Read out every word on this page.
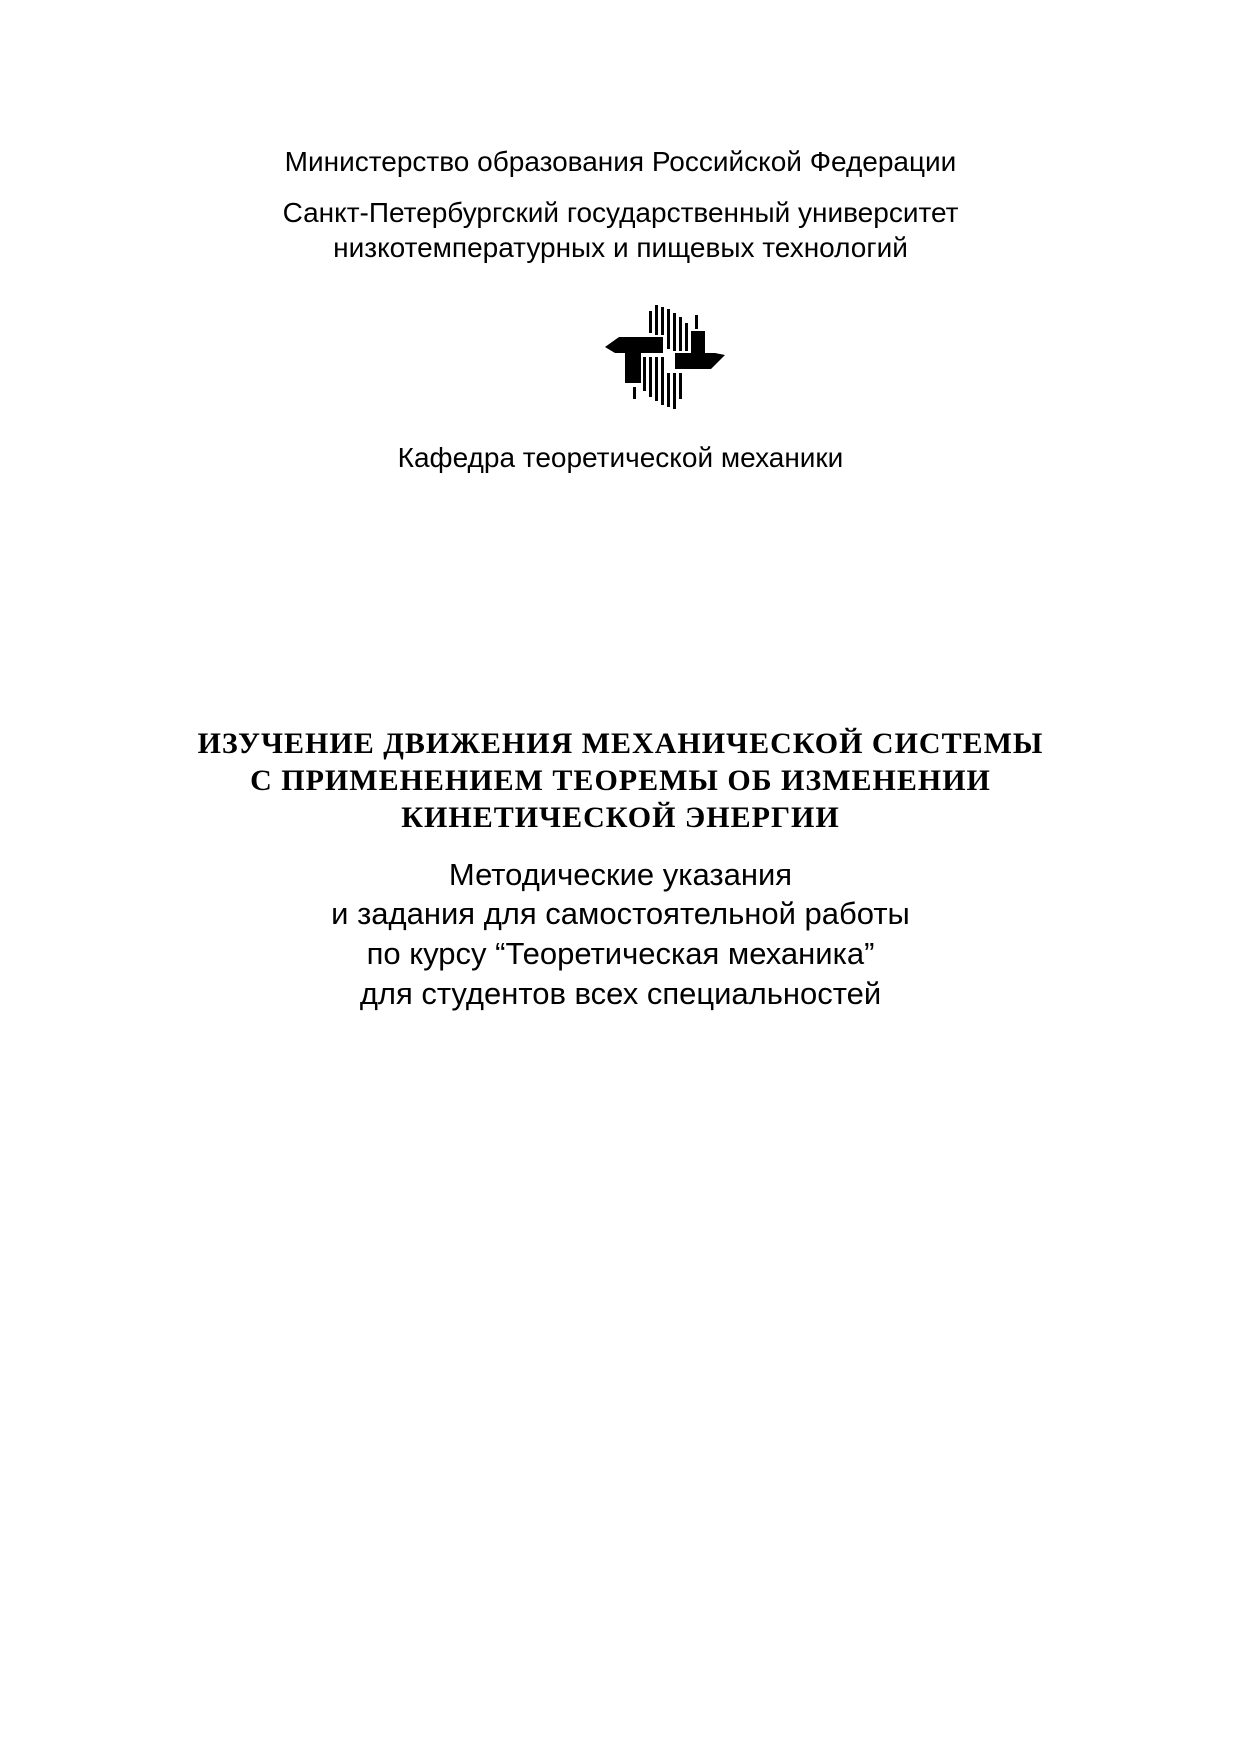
Министерство образования Российской Федерации
Санкт-Петербургский государственный университет
низкотемпературных и пищевых технологий
Кафедра теоретической механики
ИЗУЧЕНИЕ ДВИЖЕНИЯ МЕХАНИЧЕСКОЙ СИСТЕМЫ
С ПРИМЕНЕНИЕМ ТЕОРЕМЫ ОБ ИЗМЕНЕНИИ
КИНЕТИЧЕСКОЙ ЭНЕРГИИ
Методические указания
и задания для самостоятельной работы
по курсу “Теоретическая механика”
для студентов всех специальностей
